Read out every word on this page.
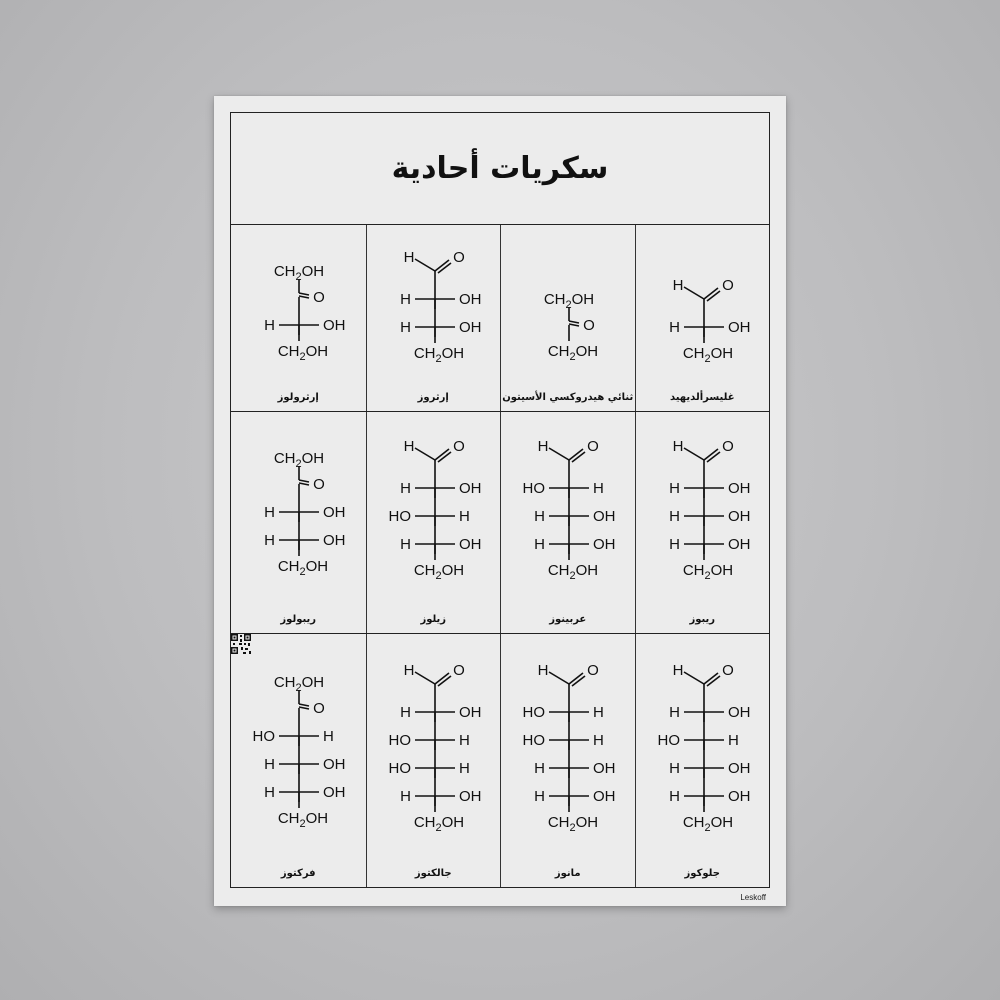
سكريات أحادية
غليسرألديهيد
H	O
H	OH
$CH_2OH$
ثنائي هيدروكسي الأسيتون
$CH_2OH$
O
$CH_2OH$
إرثروز
H	O
H	OH
H	OH
$CH_2OH$
إرثرولوز
$CH_2OH$
O
H	OH
$CH_2OH$
ريبوز
H	O
H	OH
H	OH
H	OH
$CH_2OH$
عربينوز
H	O
HO	H
H	OH
H	OH
$CH_2OH$
زيلوز
H	O
H	OH
HO	H
H	OH
$CH_2OH$
ريبولوز
$CH_2OH$
O
H	OH
H	OH
$CH_2OH$
جلوكوز
H	O
H	OH
HO	H
H	OH
H	OH
$CH_2OH$
مانوز
H	O
HO	H
HO	H
H	OH
H	OH
$CH_2OH$
جالكتوز
H	O
H	OH
HO	H
HO	H
H	OH
$CH_2OH$
فركتوز
$CH_2OH$
O
HO	H
H	OH
H	OH
$CH_2OH$
Leskoff
